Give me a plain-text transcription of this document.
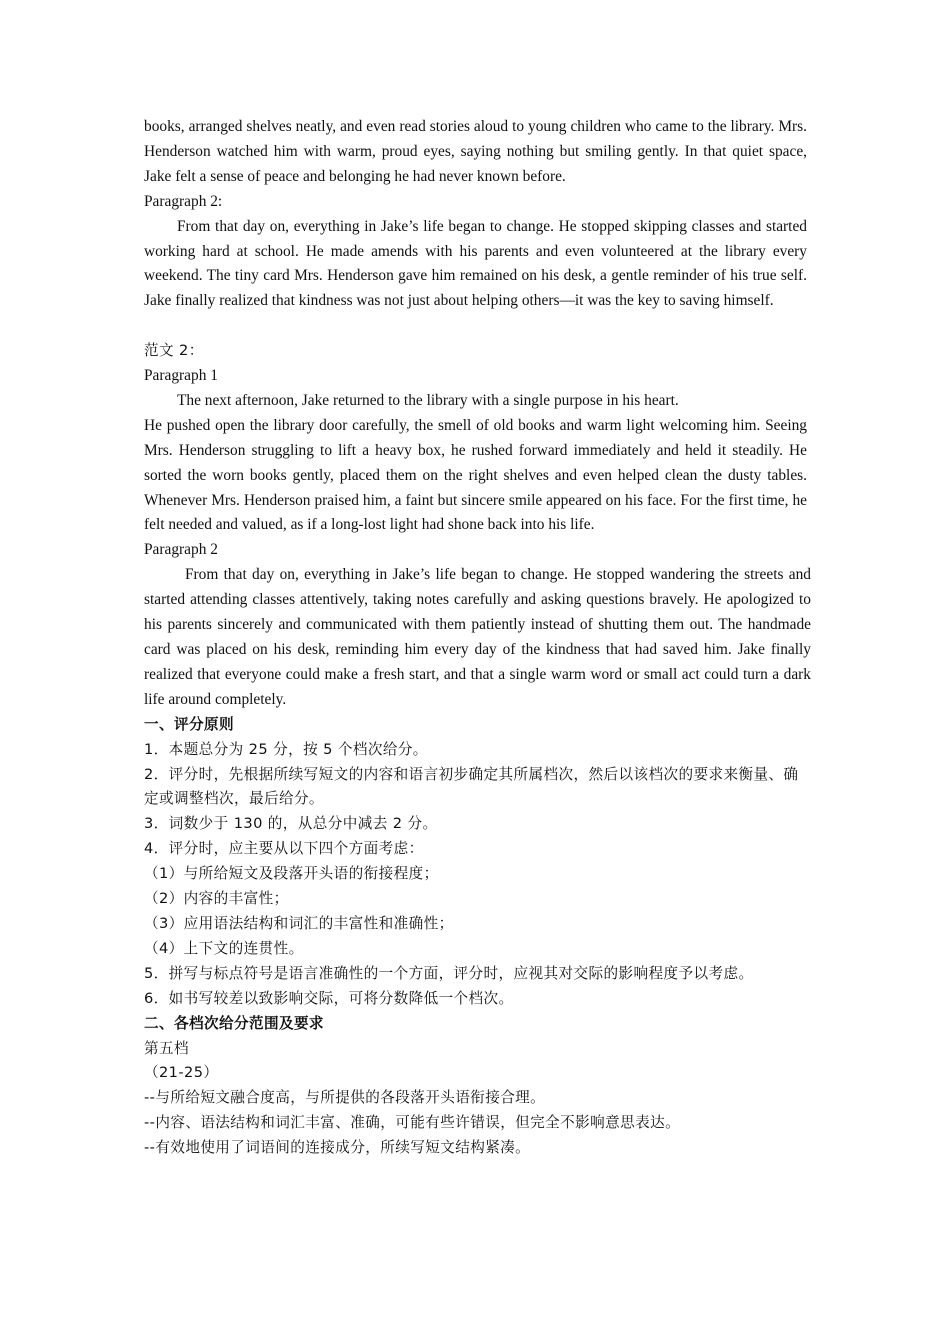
books, arranged shelves neatly, and even read stories aloud to young children who came to the library. Mrs. Henderson watched him with warm, proud eyes, saying nothing but smiling gently. In that quiet space, Jake felt a sense of peace and belonging he had never known before.

Paragraph 2:

From that day on, everything in Jake’s life began to change. He stopped skipping classes and started working hard at school. He made amends with his parents and even volunteered at the library every weekend. The tiny card Mrs. Henderson gave him remained on his desk, a gentle reminder of his true self. Jake finally realized that kindness was not just about helping others—it was the key to saving himself.

范文 2：

Paragraph 1

The next afternoon, Jake returned to the library with a single purpose in his heart.

He pushed open the library door carefully, the smell of old books and warm light welcoming him. Seeing Mrs. Henderson struggling to lift a heavy box, he rushed forward immediately and held it steadily. He sorted the worn books gently, placed them on the right shelves and even helped clean the dusty tables. Whenever Mrs. Henderson praised him, a faint but sincere smile appeared on his face. For the first time, he felt needed and valued, as if a long-lost light had shone back into his life.

Paragraph 2

From that day on, everything in Jake’s life began to change. He stopped wandering the streets and started attending classes attentively, taking notes carefully and asking questions bravely. He apologized to his parents sincerely and communicated with them patiently instead of shutting them out. The handmade card was placed on his desk, reminding him every day of the kindness that had saved him. Jake finally realized that everyone could make a fresh start, and that a single warm word or small act could turn a dark life around completely.

一、评分原则

1．本题总分为 25 分，按 5 个档次给分。

2．评分时，先根据所续写短文的内容和语言初步确定其所属档次，然后以该档次的要求来衡量、确定或调整档次，最后给分。

3．词数少于 130 的，从总分中减去 2 分。

4．评分时，应主要从以下四个方面考虑：

（1）与所给短文及段落开头语的衔接程度；

（2）内容的丰富性；

（3）应用语法结构和词汇的丰富性和准确性；

（4）上下文的连贯性。

5．拼写与标点符号是语言准确性的一个方面，评分时，应视其对交际的影响程度予以考虑。

6．如书写较差以致影响交际，可将分数降低一个档次。

二、各档次给分范围及要求

第五档

（21-25）

--与所给短文融合度高，与所提供的各段落开头语衔接合理。

--内容、语法结构和词汇丰富、准确，可能有些许错误，但完全不影响意思表达。

--有效地使用了词语间的连接成分，所续写短文结构紧凑。
